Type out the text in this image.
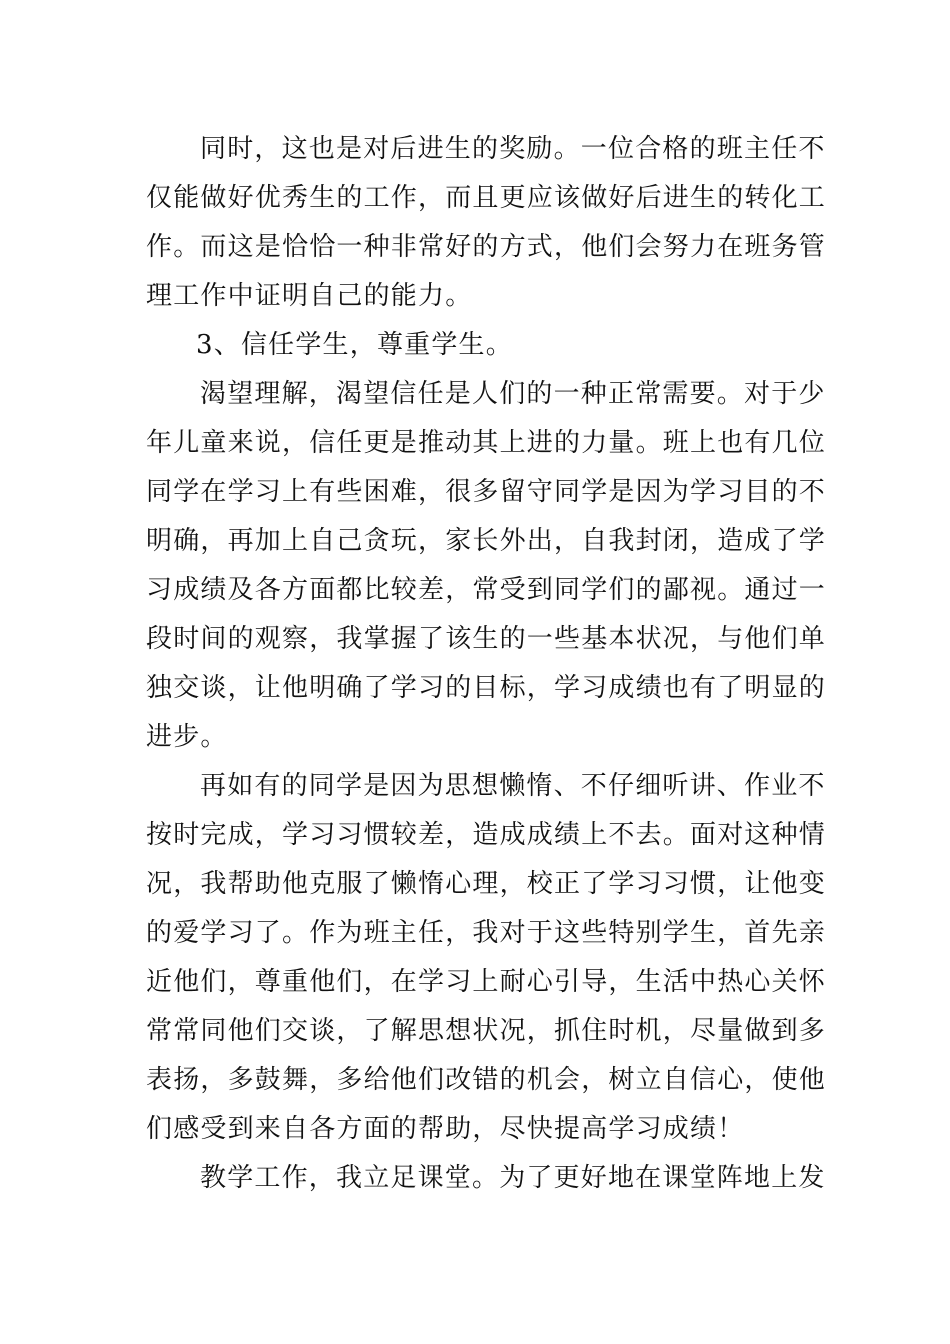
同时，这也是对后进生的奖励。一位合格的班主任不
仅能做好优秀生的工作，而且更应该做好后进生的转化工
作。而这是恰恰一种非常好的方式，他们会努力在班务管
理工作中证明自己的能力。
3、信任学生，尊重学生。
渴望理解，渴望信任是人们的一种正常需要。对于少
年儿童来说，信任更是推动其上进的力量。班上也有几位
同学在学习上有些困难，很多留守同学是因为学习目的不
明确，再加上自己贪玩，家长外出，自我封闭，造成了学
习成绩及各方面都比较差，常受到同学们的鄙视。通过一
段时间的观察，我掌握了该生的一些基本状况，与他们单
独交谈，让他明确了学习的目标，学习成绩也有了明显的
进步。
再如有的同学是因为思想懒惰、不仔细听讲、作业不
按时完成，学习习惯较差，造成成绩上不去。面对这种情
况，我帮助他克服了懒惰心理，校正了学习习惯，让他变
的爱学习了。作为班主任，我对于这些特别学生，首先亲
近他们，尊重他们，在学习上耐心引导，生活中热心关怀
常常同他们交谈，了解思想状况，抓住时机，尽量做到多
表扬，多鼓舞，多给他们改错的机会，树立自信心，使他
们感受到来自各方面的帮助，尽快提高学习成绩！
教学工作，我立足课堂。为了更好地在课堂阵地上发
